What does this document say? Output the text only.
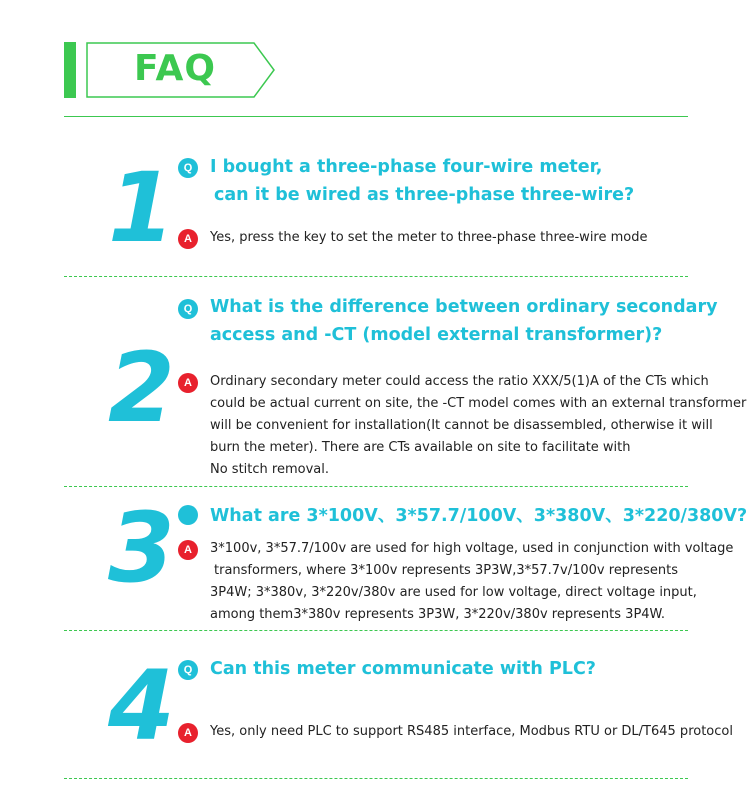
FAQ
1 Q	I bought a three-phase four-wire meter,
can it be wired as three-phase three-wire?
A	Yes, press the key to set the meter to three-phase three-wire mode
2
Q	What is the difference between ordinary secondary
access and -CT (model external transformer)?
A	Ordinary secondary meter could access the ratio XXX/5(1)A of the CTs which
could be actual current on site, the -CT model comes with an external transformer
will be convenient for installation(It cannot be disassembled, otherwise it will
burn the meter). There are CTs available on site to facilitate with
No stitch removal.
3 What are 3*100V、3*57.7/100V、3*380V、3*220/380V?
A	3*100v, 3*57.7/100v are used for high voltage, used in conjunction with voltage
transformers, where 3*100v represents 3P3W,3*57.7v/100v represents
3P4W; 3*380v, 3*220v/380v are used for low voltage, direct voltage input,
among them3*380v represents 3P3W, 3*220v/380v represents 3P4W.
4 Q	Can this meter communicate with PLC?
A	Yes, only need PLC to support RS485 interface, Modbus RTU or DL/T645 protocol
